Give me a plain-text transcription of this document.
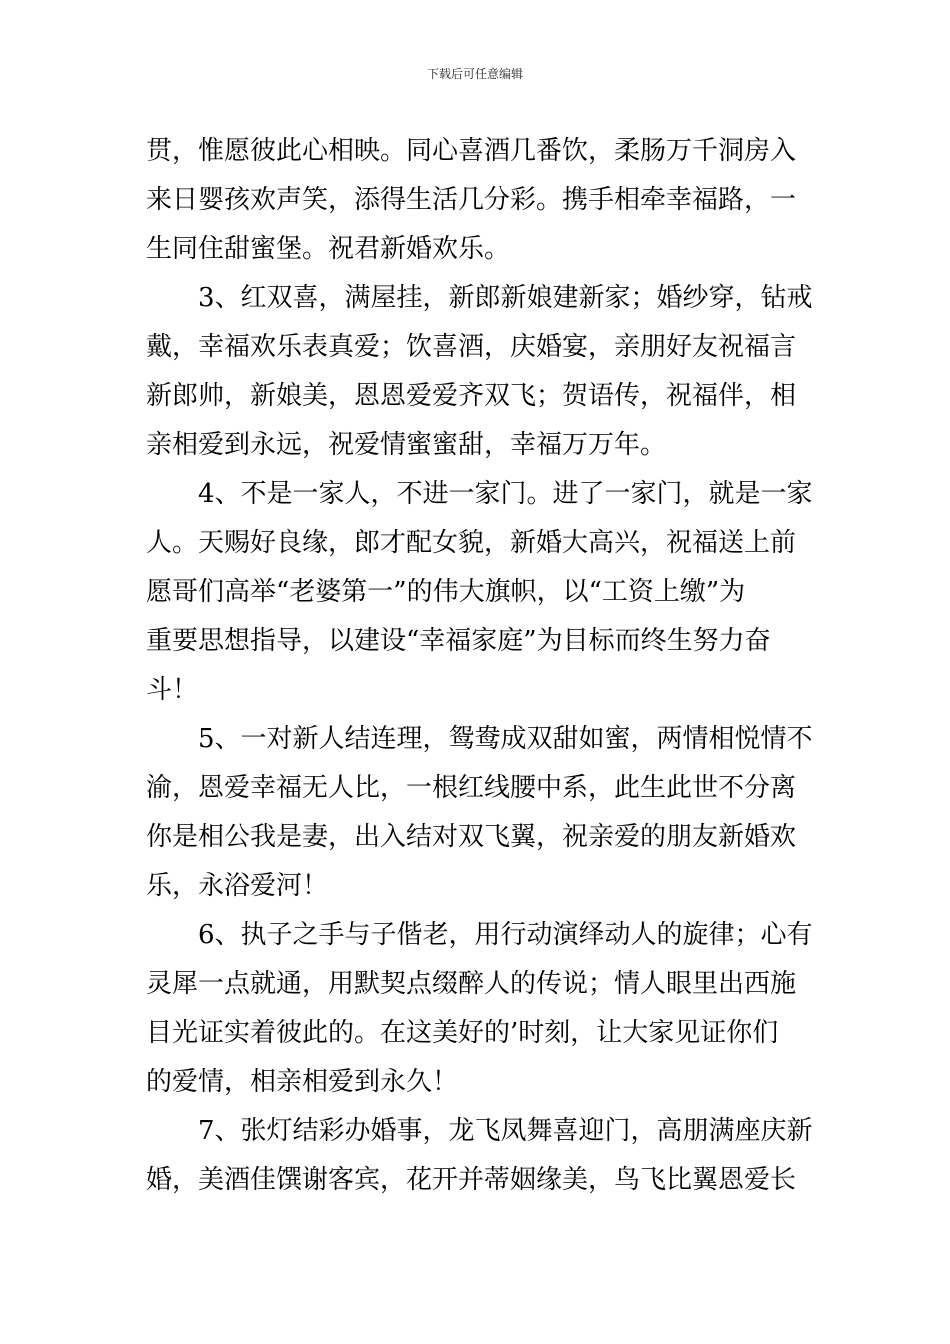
下载后可任意编辑
贯，惟愿彼此心相映。同心喜酒几番饮，柔肠万千洞房入
来日婴孩欢声笑，添得生活几分彩。携手相牵幸福路，一
生同住甜蜜堡。祝君新婚欢乐。
3、红双喜，满屋挂，新郎新娘建新家；婚纱穿，钻戒
戴，幸福欢乐表真爱；饮喜酒，庆婚宴，亲朋好友祝福言
新郎帅，新娘美，恩恩爱爱齐双飞；贺语传，祝福伴，相
亲相爱到永远，祝爱情蜜蜜甜，幸福万万年。
4、不是一家人，不进一家门。进了一家门，就是一家
人。天赐好良缘，郎才配女貌，新婚大高兴，祝福送上前
愿哥们高举“老婆第一”的伟大旗帜，以“工资上缴”为
重要思想指导，以建设“幸福家庭”为目标而终生努力奋
斗！
5、一对新人结连理，鸳鸯成双甜如蜜，两情相悦情不
渝，恩爱幸福无人比，一根红线腰中系，此生此世不分离
你是相公我是妻，出入结对双飞翼，祝亲爱的朋友新婚欢
乐，永浴爱河！
6、执子之手与子偕老，用行动演绎动人的旋律；心有
灵犀一点就通，用默契点缀醉人的传说；情人眼里出西施
目光证实着彼此的。在这美好的’时刻，让大家见证你们
的爱情，相亲相爱到永久！
7、张灯结彩办婚事，龙飞凤舞喜迎门，高朋满座庆新
婚，美酒佳馔谢客宾，花开并蒂姻缘美，鸟飞比翼恩爱长
